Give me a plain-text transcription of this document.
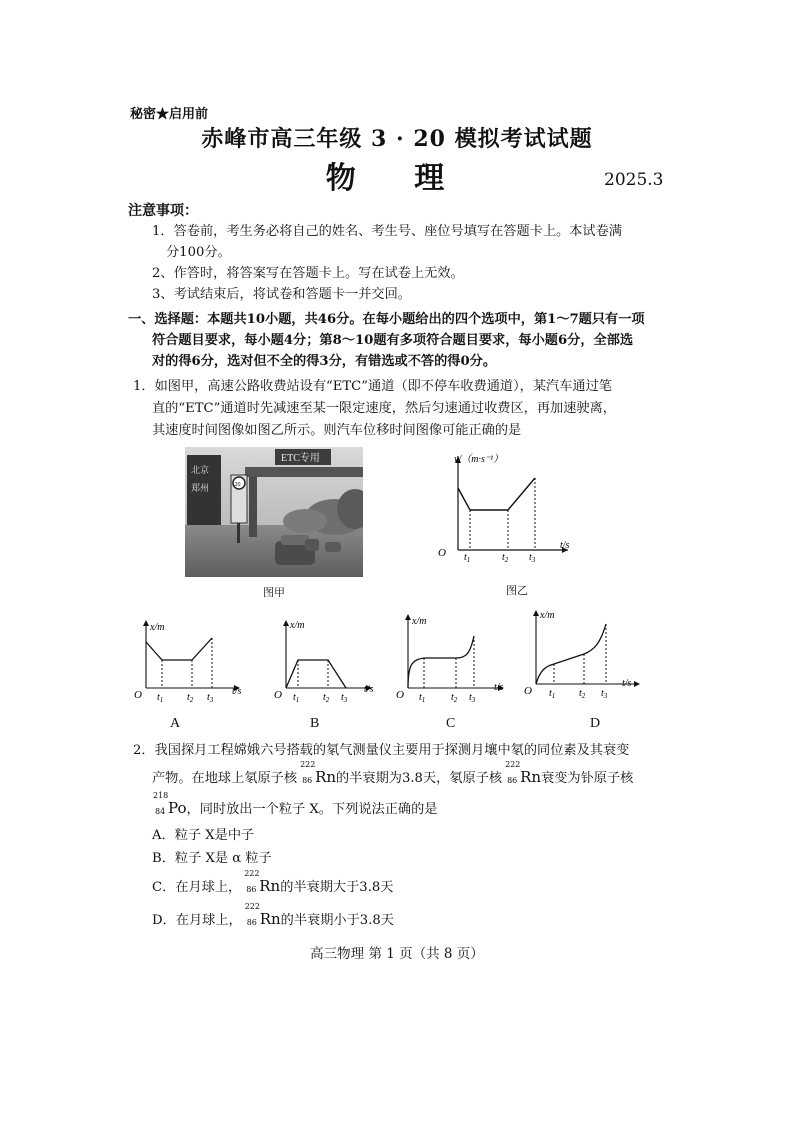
秘密★启用前
赤峰市高三年级 3 · 20 模拟考试试题
物 理	2025.3
注意事项：
1．答卷前，考生务必将自己的姓名、考生号、座位号填写在答题卡上。本试卷满
分100分。
2、作答时，将答案写在答题卡上。写在试卷上无效。
3、考试结束后，将试卷和答题卡一并交回。
一、选择题：本题共10小题，共46分。在每小题给出的四个选项中，第1～7题只有一项
符合题目要求，每小题4分；第8～10题有多项符合题目要求，每小题6分，全部选
对的得6分，选对但不全的得3分，有错选或不答的得0分。
1．如图甲，高速公路收费站设有“ETC”通道（即不停车收费通道），某汽车通过笔
直的“ETC”通道时先减速至某一限定速度，然后匀速通过收费区，再加速驶离，
其速度时间图像如图乙所示。则汽车位移时间图像可能正确的是
ETC专用
北京
郑州	20
图甲
v/（m·s⁻¹）
t/s
O $t_1$	$t_2$ $t_3$
图乙
x/m
t/s
O $t_1$ $t_2$ $t_3$
A
x/m
t/s
O $t_1$ $t_2$ $t_3$
B
x/m
t/s
O $t_1$	$t_2$ $t_3$
C
x/m
t/s
O $t_1$ $t_2$ $t_3$
D
2．我国探月工程嫦娥六号搭载的氡气测量仪主要用于探测月壤中氡的同位素及其衰变
产物。在地球上氡原子核
222
86 Rn的半衰期为3.8天，氡原子核
222
86 Rn衰变为钋原子核
218
84 Po，同时放出一个粒子 X。下列说法正确的是
A．粒子 X是中子
B．粒子 X是 α 粒子
C．在月球上，
222
86 Rn的半衰期大于3.8天
D．在月球上，
222
86 Rn的半衰期小于3.8天
高三物理 第 1 页（共 8 页）
